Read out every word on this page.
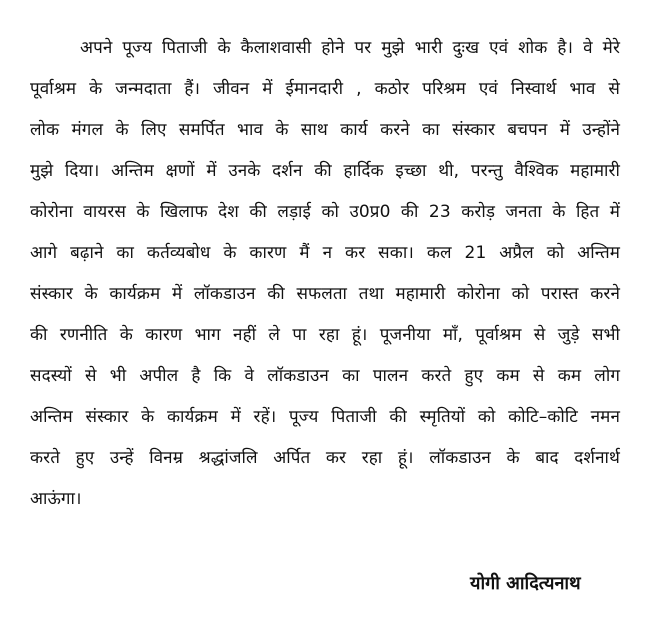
अपने पूज्य पिताजी के कैलाशवासी होने पर मुझे भारी दुःख एवं शोक है। वे मेरे
पूर्वाश्रम के जन्मदाता हैं। जीवन में ईमानदारी , कठोर परिश्रम एवं निस्वार्थ भाव से
लोक मंगल के लिए समर्पित भाव के साथ कार्य करने का संस्कार बचपन में उन्होंने
मुझे दिया। अन्तिम क्षणों में उनके दर्शन की हार्दिक इच्छा थी, परन्तु वैश्विक महामारी
कोरोना वायरस के खिलाफ देश की लड़ाई को उ0प्र0 की 23 करोड़ जनता के हित में
आगे बढ़ाने का कर्तव्यबोध के कारण मैं न कर सका। कल 21 अप्रैल को अन्तिम
संस्कार के कार्यक्रम में लॉकडाउन की सफलता तथा महामारी कोरोना को परास्त करने
की रणनीति के कारण भाग नहीं ले पा रहा हूं। पूजनीया माँ, पूर्वाश्रम से जुड़े सभी
सदस्यों से भी अपील है कि वे लॉकडाउन का पालन करते हुए कम से कम लोग
अन्तिम संस्कार के कार्यक्रम में रहें। पूज्य पिताजी की स्मृतियों को कोटि–कोटि नमन
करते हुए उन्हें विनम्र श्रद्धांजलि अर्पित कर रहा हूं। लॉकडाउन के बाद दर्शनार्थ
आऊंगा।
योगी आदित्यनाथ
